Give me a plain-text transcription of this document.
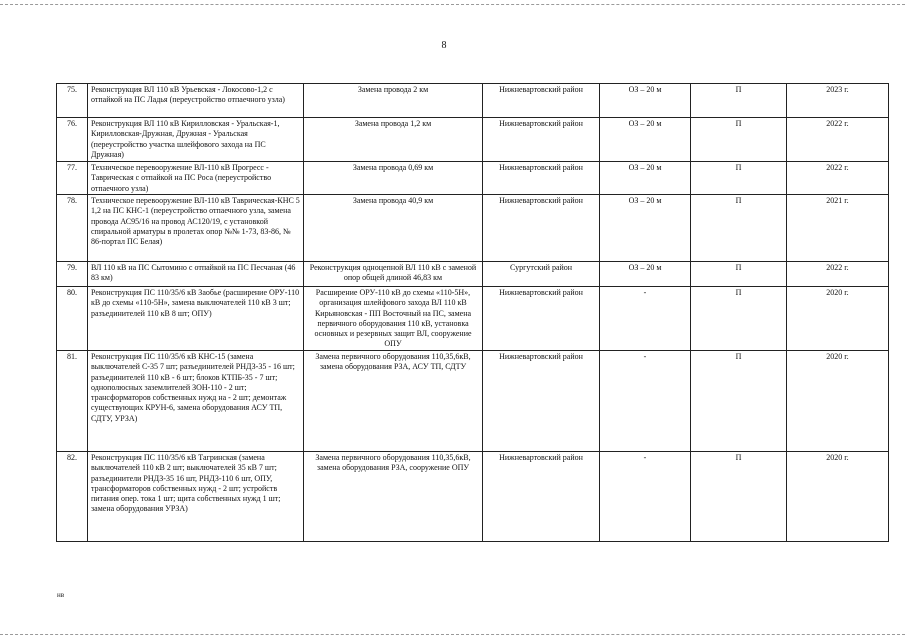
8
75.	Реконструкция ВЛ 110 кВ Урьевская - Локосово-1,2 с отпайкой на ПС Ладья (переустройство отпаечного узла)	Замена провода 2 км	Нижневартовский район	ОЗ – 20 м	П	2023 г.
76.	Реконструкция ВЛ 110 кВ Кирилловская - Уральская-1, Кирилловская-Дружная, Дружная - Уральская (переустройство участка шлейфового захода на ПС Дружная)	Замена провода 1,2 км	Нижневартовский район	ОЗ – 20 м	П	2022 г.
77.	Техническое перевооружение ВЛ-110 кВ Прогресс - Таврическая с отпайкой на ПС Роса (переустройство отпаечного узла)	Замена провода 0,69 км	Нижневартовский район	ОЗ – 20 м	П	2022 г.
78.	Техническое перевооружение ВЛ-110 кВ Таврическая-КНС 5 1,2 на ПС КНС-1 (переустройство отпаечного узла, замена провода АС95/16 на провод АС120/19, с установкой спиральной арматуры в пролетах опор №№ 1-73, 83-86, № 86-портал ПС Белая)	Замена провода 40,9 км	Нижневартовский район	ОЗ – 20 м	П	2021 г.
79.	ВЛ 110 кВ на ПС Сытомино с отпайкой на ПС Песчаная (46 83 км)	Реконструкция одноцепной ВЛ 110 кВ с заменой опор общей длиной 46,83 км	Сургутский район	ОЗ – 20 м	П	2022 г.
80.	Реконструкция ПС 110/35/6 кВ Заобье (расширение ОРУ-110 кВ до схемы «110-5Н», замена выключателей 110 кВ 3 шт; разъединителей 110 кВ 8 шт; ОПУ)	Расширение ОРУ-110 кВ до схемы «110-5Н», организация шлейфового захода ВЛ 110 кВ Кирьяновская - ПП Восточный на ПС, замена первичного оборудования 110 кВ, установка основных и резервных защит ВЛ, сооружение ОПУ	Нижневартовский район	-	П	2020 г.
81.	Реконструкция ПС 110/35/6 кВ КНС-15 (замена выключателей С-35 7 шт; разъединителей РНДЗ-35 - 16 шт; разъединителей 110 кВ - 6 шт; блоков КТПБ-35 - 7 шт; однополюсных заземлителей ЗОН-110 - 2 шт; трансформаторов собственных нужд на - 2 шт; демонтаж существующих КРУН-6, замена оборудования АСУ ТП, СДТУ, УРЗА)	Замена первичного оборудования 110,35,6кВ, замена оборудования РЗА, АСУ ТП, СДТУ	Нижневартовский район	-	П	2020 г.
82.	Реконструкция ПС 110/35/6 кВ Тагринская (замена выключателей 110 кВ 2 шт; выключателей 35 кВ 7 шт; разъединители РНДЗ-35 16 шт, РНДЗ-110 6 шт, ОПУ, трансформаторов собственных нужд - 2 шт; устройств питания опер. тока 1 шт; щита собственных нужд 1 шт; замена оборудования УРЗА)	Замена первичного оборудования 110,35,6кВ, замена оборудования РЗА, сооружение ОПУ	Нижневартовский район	-	П	2020 г.
нв
